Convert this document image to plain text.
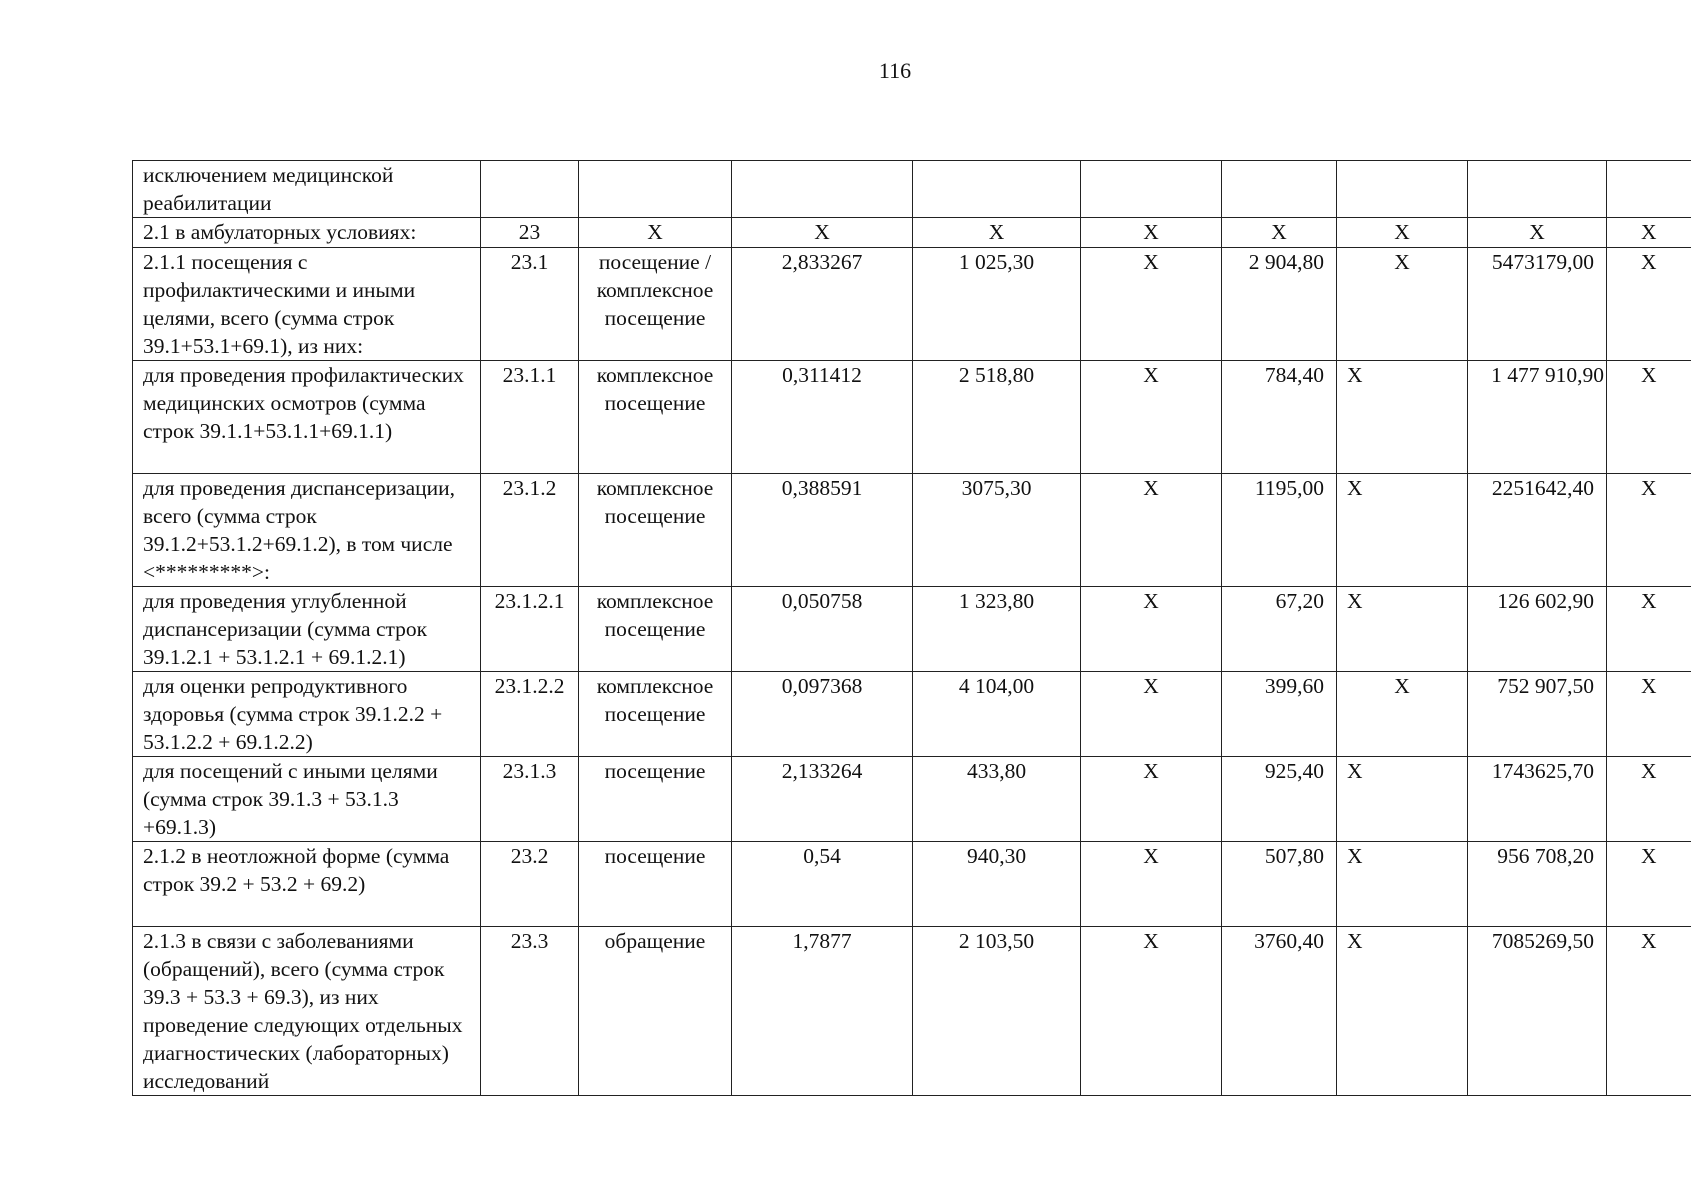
116
исключением медицинской реабилитации									
2.1 в амбулаторных условиях:	23	Х	Х	Х	Х	Х	Х	Х	Х
2.1.1 посещения с профилактическими и иными целями, всего (сумма строк 39.1+53.1+69.1), из них:	23.1	посещение / комплексное посещение	2,833267	1 025,30	Х	2 904,80	Х	5473179,00	Х
для проведения профилактических медицинских осмотров (сумма строк 39.1.1+53.1.1+69.1.1)	23.1.1	комплексное посещение	0,311412	2 518,80	Х	784,40	Х	1 477 910,90	Х
для проведения диспансеризации, всего (сумма строк 39.1.2+53.1.2+69.1.2), в том числе <*********>:	23.1.2	комплексное посещение	0,388591	3075,30	Х	1195,00	Х	2251642,40	Х
для проведения углубленной диспансеризации (сумма строк 39.1.2.1 + 53.1.2.1 + 69.1.2.1)	23.1.2.1	комплексное посещение	0,050758	1 323,80	Х	67,20	Х	126 602,90	Х
для оценки репродуктивного здоровья (сумма строк 39.1.2.2 + 53.1.2.2 + 69.1.2.2)	23.1.2.2	комплексное посещение	0,097368	4 104,00	Х	399,60	Х	752 907,50	Х
для посещений с иными целями (сумма строк 39.1.3 + 53.1.3 +69.1.3)	23.1.3	посещение	2,133264	433,80	Х	925,40	Х	1743625,70	Х
2.1.2 в неотложной форме (сумма строк 39.2 + 53.2 + 69.2)	23.2	посещение	0,54	940,30	Х	507,80	Х	956 708,20	Х
2.1.3 в связи с заболеваниями (обращений), всего (сумма строк 39.3 + 53.3 + 69.3), из них проведение следующих отдельных диагностических (лабораторных) исследований	23.3	обращение	1,7877	2 103,50	Х	3760,40	Х	7085269,50	Х
